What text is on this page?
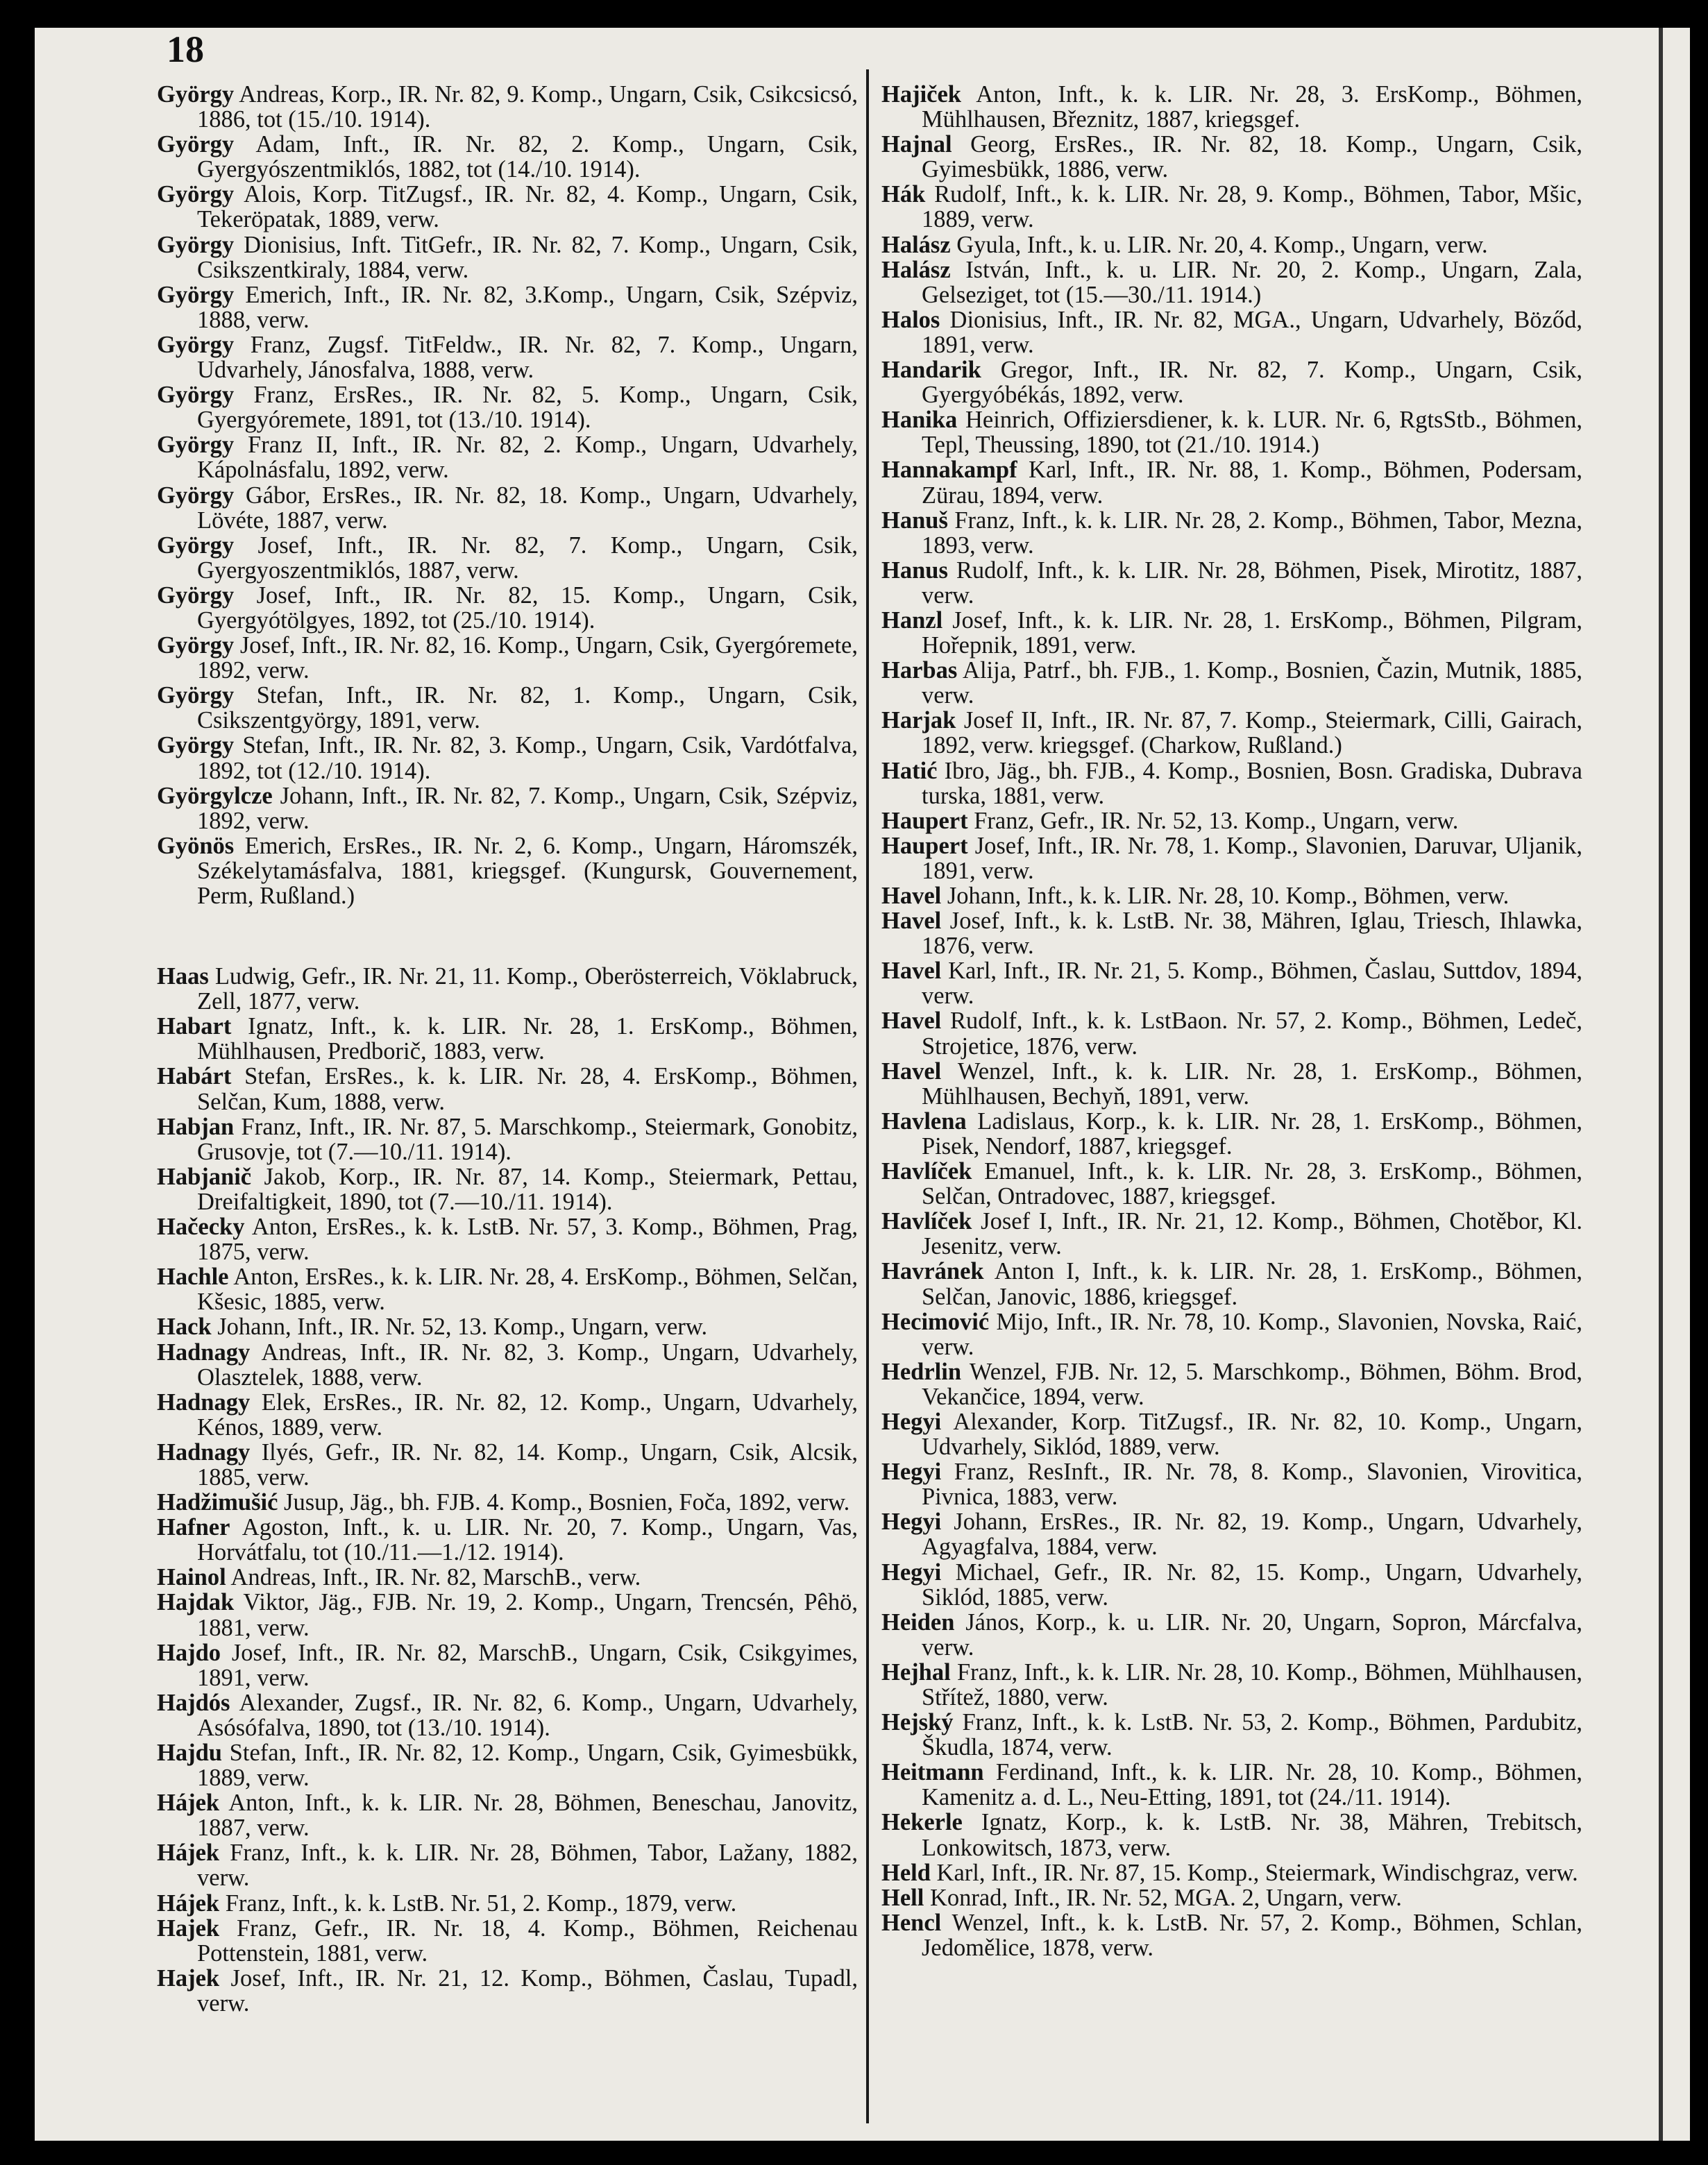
18
György Andreas, Korp., IR. Nr. 82, 9. Komp., Ungarn, Csik, Csikcsicsó, 1886, tot (15./10. 1914).
György Adam, Inft., IR. Nr. 82, 2. Komp., Ungarn, Csik, Gyergyószentmiklós, 1882, tot (14./10. 1914).
György Alois, Korp. TitZugsf., IR. Nr. 82, 4. Komp., Ungarn, Csik, Tekeröpatak, 1889, verw.
György Dionisius, Inft. TitGefr., IR. Nr. 82, 7. Komp., Ungarn, Csik, Csikszentkiraly, 1884, verw.
György Emerich, Inft., IR. Nr. 82, 3.Komp., Ungarn, Csik, Szépviz, 1888, verw.
György Franz, Zugsf. TitFeldw., IR. Nr. 82, 7. Komp., Ungarn, Udvarhely, Jánosfalva, 1888, verw.
György Franz, ErsRes., IR. Nr. 82, 5. Komp., Ungarn, Csik, Gyergyóremete, 1891, tot (13./10. 1914).
György Franz II, Inft., IR. Nr. 82, 2. Komp., Ungarn, Udvarhely, Kápolnásfalu, 1892, verw.
György Gábor, ErsRes., IR. Nr. 82, 18. Komp., Ungarn, Udvarhely, Lövéte, 1887, verw.
György Josef, Inft., IR. Nr. 82, 7. Komp., Ungarn, Csik, Gyergyoszentmiklós, 1887, verw.
György Josef, Inft., IR. Nr. 82, 15. Komp., Ungarn, Csik, Gyergyótölgyes, 1892, tot (25./10. 1914).
György Josef, Inft., IR. Nr. 82, 16. Komp., Ungarn, Csik, Gyergóremete, 1892, verw.
György Stefan, Inft., IR. Nr. 82, 1. Komp., Ungarn, Csik, Csikszentgyörgy, 1891, verw.
György Stefan, Inft., IR. Nr. 82, 3. Komp., Ungarn, Csik, Vardótfalva, 1892, tot (12./10. 1914).
Györgylcze Johann, Inft., IR. Nr. 82, 7. Komp., Ungarn, Csik, Szépviz, 1892, verw.
Gyönös Emerich, ErsRes., IR. Nr. 2, 6. Komp., Ungarn, Háromszék, Székelytamásfalva, 1881, kriegsgef. (Kungursk, Gouvernement, Perm, Rußland.)
Haas Ludwig, Gefr., IR. Nr. 21, 11. Komp., Oberösterreich, Vöklabruck, Zell, 1877, verw.
Habart Ignatz, Inft., k. k. LIR. Nr. 28, 1. ErsKomp., Böhmen, Mühlhausen, Predborič, 1883, verw.
Habárt Stefan, ErsRes., k. k. LIR. Nr. 28, 4. ErsKomp., Böhmen, Selčan, Kum, 1888, verw.
Habjan Franz, Inft., IR. Nr. 87, 5. Marschkomp., Steiermark, Gonobitz, Grusovje, tot (7.—10./11. 1914).
Habjanič Jakob, Korp., IR. Nr. 87, 14. Komp., Steiermark, Pettau, Dreifaltigkeit, 1890, tot (7.—10./11. 1914).
Hačecky Anton, ErsRes., k. k. LstB. Nr. 57, 3. Komp., Böhmen, Prag, 1875, verw.
Hachle Anton, ErsRes., k. k. LIR. Nr. 28, 4. ErsKomp., Böhmen, Selčan, Kšesic, 1885, verw.
Hack Johann, Inft., IR. Nr. 52, 13. Komp., Ungarn, verw.
Hadnagy Andreas, Inft., IR. Nr. 82, 3. Komp., Ungarn, Udvarhely, Olasztelek, 1888, verw.
Hadnagy Elek, ErsRes., IR. Nr. 82, 12. Komp., Ungarn, Udvarhely, Kénos, 1889, verw.
Hadnagy Ilyés, Gefr., IR. Nr. 82, 14. Komp., Ungarn, Csik, Alcsik, 1885, verw.
Hadžimušić Jusup, Jäg., bh. FJB. 4. Komp., Bosnien, Foča, 1892, verw.
Hafner Agoston, Inft., k. u. LIR. Nr. 20, 7. Komp., Ungarn, Vas, Horvátfalu, tot (10./11.—1./12. 1914).
Hainol Andreas, Inft., IR. Nr. 82, MarschB., verw.
Hajdak Viktor, Jäg., FJB. Nr. 19, 2. Komp., Ungarn, Trencsén, Pêhö, 1881, verw.
Hajdo Josef, Inft., IR. Nr. 82, MarschB., Ungarn, Csik, Csikgyimes, 1891, verw.
Hajdós Alexander, Zugsf., IR. Nr. 82, 6. Komp., Ungarn, Udvarhely, Asósófalva, 1890, tot (13./10. 1914).
Hajdu Stefan, Inft., IR. Nr. 82, 12. Komp., Ungarn, Csik, Gyimesbükk, 1889, verw.
Hájek Anton, Inft., k. k. LIR. Nr. 28, Böhmen, Beneschau, Janovitz, 1887, verw.
Hájek Franz, Inft., k. k. LIR. Nr. 28, Böhmen, Tabor, Lažany, 1882, verw.
Hájek Franz, Inft., k. k. LstB. Nr. 51, 2. Komp., 1879, verw.
Hajek Franz, Gefr., IR. Nr. 18, 4. Komp., Böhmen, Reichenau Pottenstein, 1881, verw.
Hajek Josef, Inft., IR. Nr. 21, 12. Komp., Böhmen, Časlau, Tupadl, verw.
Hajiček Anton, Inft., k. k. LIR. Nr. 28, 3. ErsKomp., Böhmen, Mühlhausen, Březnitz, 1887, kriegsgef.
Hajnal Georg, ErsRes., IR. Nr. 82, 18. Komp., Ungarn, Csik, Gyimesbükk, 1886, verw.
Hák Rudolf, Inft., k. k. LIR. Nr. 28, 9. Komp., Böhmen, Tabor, Mšic, 1889, verw.
Halász Gyula, Inft., k. u. LIR. Nr. 20, 4. Komp., Ungarn, verw.
Halász István, Inft., k. u. LIR. Nr. 20, 2. Komp., Ungarn, Zala, Gelseziget, tot (15.—30./11. 1914.)
Halos Dionisius, Inft., IR. Nr. 82, MGA., Ungarn, Udvarhely, Böződ, 1891, verw.
Handarik Gregor, Inft., IR. Nr. 82, 7. Komp., Ungarn, Csik, Gyergyóbékás, 1892, verw.
Hanika Heinrich, Offiziersdiener, k. k. LUR. Nr. 6, RgtsStb., Böhmen, Tepl, Theussing, 1890, tot (21./10. 1914.)
Hannakampf Karl, Inft., IR. Nr. 88, 1. Komp., Böhmen, Podersam, Zürau, 1894, verw.
Hanuš Franz, Inft., k. k. LIR. Nr. 28, 2. Komp., Böhmen, Tabor, Mezna, 1893, verw.
Hanus Rudolf, Inft., k. k. LIR. Nr. 28, Böhmen, Pisek, Mirotitz, 1887, verw.
Hanzl Josef, Inft., k. k. LIR. Nr. 28, 1. ErsKomp., Böhmen, Pilgram, Hořepnik, 1891, verw.
Harbas Alija, Patrf., bh. FJB., 1. Komp., Bosnien, Čazin, Mutnik, 1885, verw.
Harjak Josef II, Inft., IR. Nr. 87, 7. Komp., Steiermark, Cilli, Gairach, 1892, verw. kriegsgef. (Charkow, Rußland.)
Hatić Ibro, Jäg., bh. FJB., 4. Komp., Bosnien, Bosn. Gradiska, Dubrava turska, 1881, verw.
Haupert Franz, Gefr., IR. Nr. 52, 13. Komp., Ungarn, verw.
Haupert Josef, Inft., IR. Nr. 78, 1. Komp., Slavonien, Daruvar, Uljanik, 1891, verw.
Havel Johann, Inft., k. k. LIR. Nr. 28, 10. Komp., Böhmen, verw.
Havel Josef, Inft., k. k. LstB. Nr. 38, Mähren, Iglau, Triesch, Ihlawka, 1876, verw.
Havel Karl, Inft., IR. Nr. 21, 5. Komp., Böhmen, Časlau, Suttdov, 1894, verw.
Havel Rudolf, Inft., k. k. LstBaon. Nr. 57, 2. Komp., Böhmen, Ledeč, Strojetice, 1876, verw.
Havel Wenzel, Inft., k. k. LIR. Nr. 28, 1. ErsKomp., Böhmen, Mühlhausen, Bechyň, 1891, verw.
Havlena Ladislaus, Korp., k. k. LIR. Nr. 28, 1. ErsKomp., Böhmen, Pisek, Nendorf, 1887, kriegsgef.
Havlíček Emanuel, Inft., k. k. LIR. Nr. 28, 3. ErsKomp., Böhmen, Selčan, Ontradovec, 1887, kriegsgef.
Havlíček Josef I, Inft., IR. Nr. 21, 12. Komp., Böhmen, Chotěbor, Kl. Jesenitz, verw.
Havránek Anton I, Inft., k. k. LIR. Nr. 28, 1. ErsKomp., Böhmen, Selčan, Janovic, 1886, kriegsgef.
Hecimović Mijo, Inft., IR. Nr. 78, 10. Komp., Slavonien, Novska, Raić, verw.
Hedrlin Wenzel, FJB. Nr. 12, 5. Marschkomp., Böhmen, Böhm. Brod, Vekančice, 1894, verw.
Hegyi Alexander, Korp. TitZugsf., IR. Nr. 82, 10. Komp., Ungarn, Udvarhely, Siklód, 1889, verw.
Hegyi Franz, ResInft., IR. Nr. 78, 8. Komp., Slavonien, Virovitica, Pivnica, 1883, verw.
Hegyi Johann, ErsRes., IR. Nr. 82, 19. Komp., Ungarn, Udvarhely, Agyagfalva, 1884, verw.
Hegyi Michael, Gefr., IR. Nr. 82, 15. Komp., Ungarn, Udvarhely, Siklód, 1885, verw.
Heiden János, Korp., k. u. LIR. Nr. 20, Ungarn, Sopron, Márcfalva, verw.
Hejhal Franz, Inft., k. k. LIR. Nr. 28, 10. Komp., Böhmen, Mühlhausen, Střítež, 1880, verw.
Hejský Franz, Inft., k. k. LstB. Nr. 53, 2. Komp., Böhmen, Pardubitz, Škudla, 1874, verw.
Heitmann Ferdinand, Inft., k. k. LIR. Nr. 28, 10. Komp., Böhmen, Kamenitz a. d. L., Neu-Etting, 1891, tot (24./11. 1914).
Hekerle Ignatz, Korp., k. k. LstB. Nr. 38, Mähren, Trebitsch, Lonkowitsch, 1873, verw.
Held Karl, Inft., IR. Nr. 87, 15. Komp., Steiermark, Windischgraz, verw.
Hell Konrad, Inft., IR. Nr. 52, MGA. 2, Ungarn, verw.
Hencl Wenzel, Inft., k. k. LstB. Nr. 57, 2. Komp., Böhmen, Schlan, Jedomělice, 1878, verw.
